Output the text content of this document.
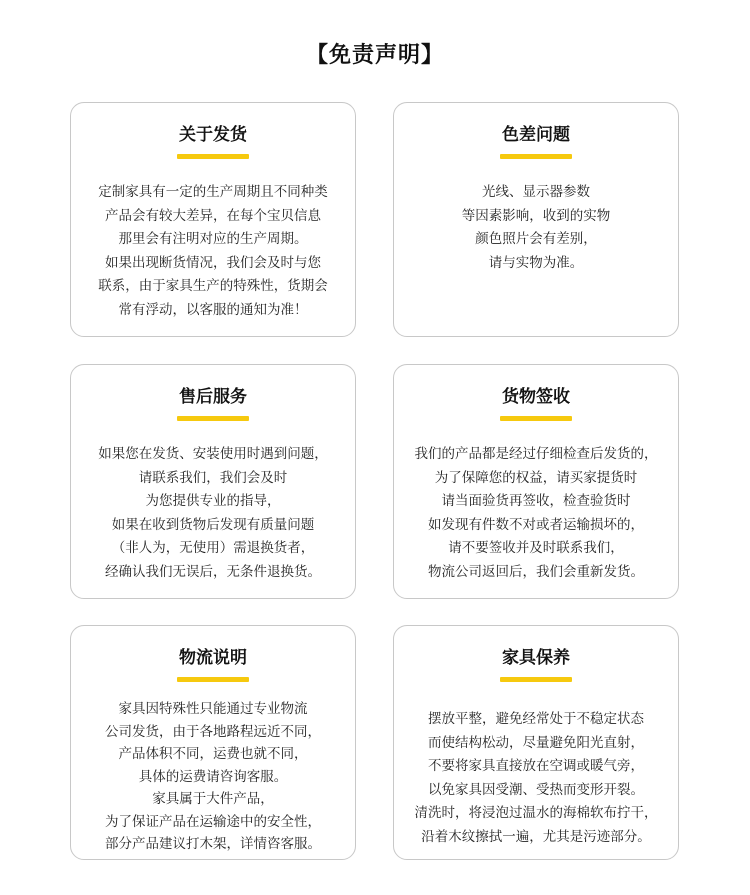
【免责声明】
关于发货
定制家具有一定的生产周期且不同种类
产品会有较大差异，在每个宝贝信息
那里会有注明对应的生产周期。
如果出现断货情况，我们会及时与您
联系，由于家具生产的特殊性，货期会
常有浮动，以客服的通知为准！
色差问题
光线、显示器参数
等因素影响，收到的实物
颜色照片会有差别，
请与实物为准。
售后服务
如果您在发货、安装使用时遇到问题，
请联系我们，我们会及时
为您提供专业的指导，
如果在收到货物后发现有质量问题
（非人为，无使用）需退换货者，
经确认我们无误后，无条件退换货。
货物签收
我们的产品都是经过仔细检查后发货的，
为了保障您的权益，请买家提货时
请当面验货再签收，检查验货时
如发现有件数不对或者运输损坏的，
请不要签收并及时联系我们，
物流公司返回后，我们会重新发货。
物流说明
家具因特殊性只能通过专业物流
公司发货，由于各地路程远近不同，
产品体积不同，运费也就不同，
具体的运费请咨询客服。
家具属于大件产品，
为了保证产品在运输途中的安全性，
部分产品建议打木架，详情咨客服。
家具保养
摆放平整，避免经常处于不稳定状态
而使结构松动，尽量避免阳光直射，
不要将家具直接放在空调或暖气旁，
以免家具因受潮、受热而变形开裂。
清洗时，将浸泡过温水的海棉软布拧干，
沿着木纹擦拭一遍，尤其是污迹部分。
